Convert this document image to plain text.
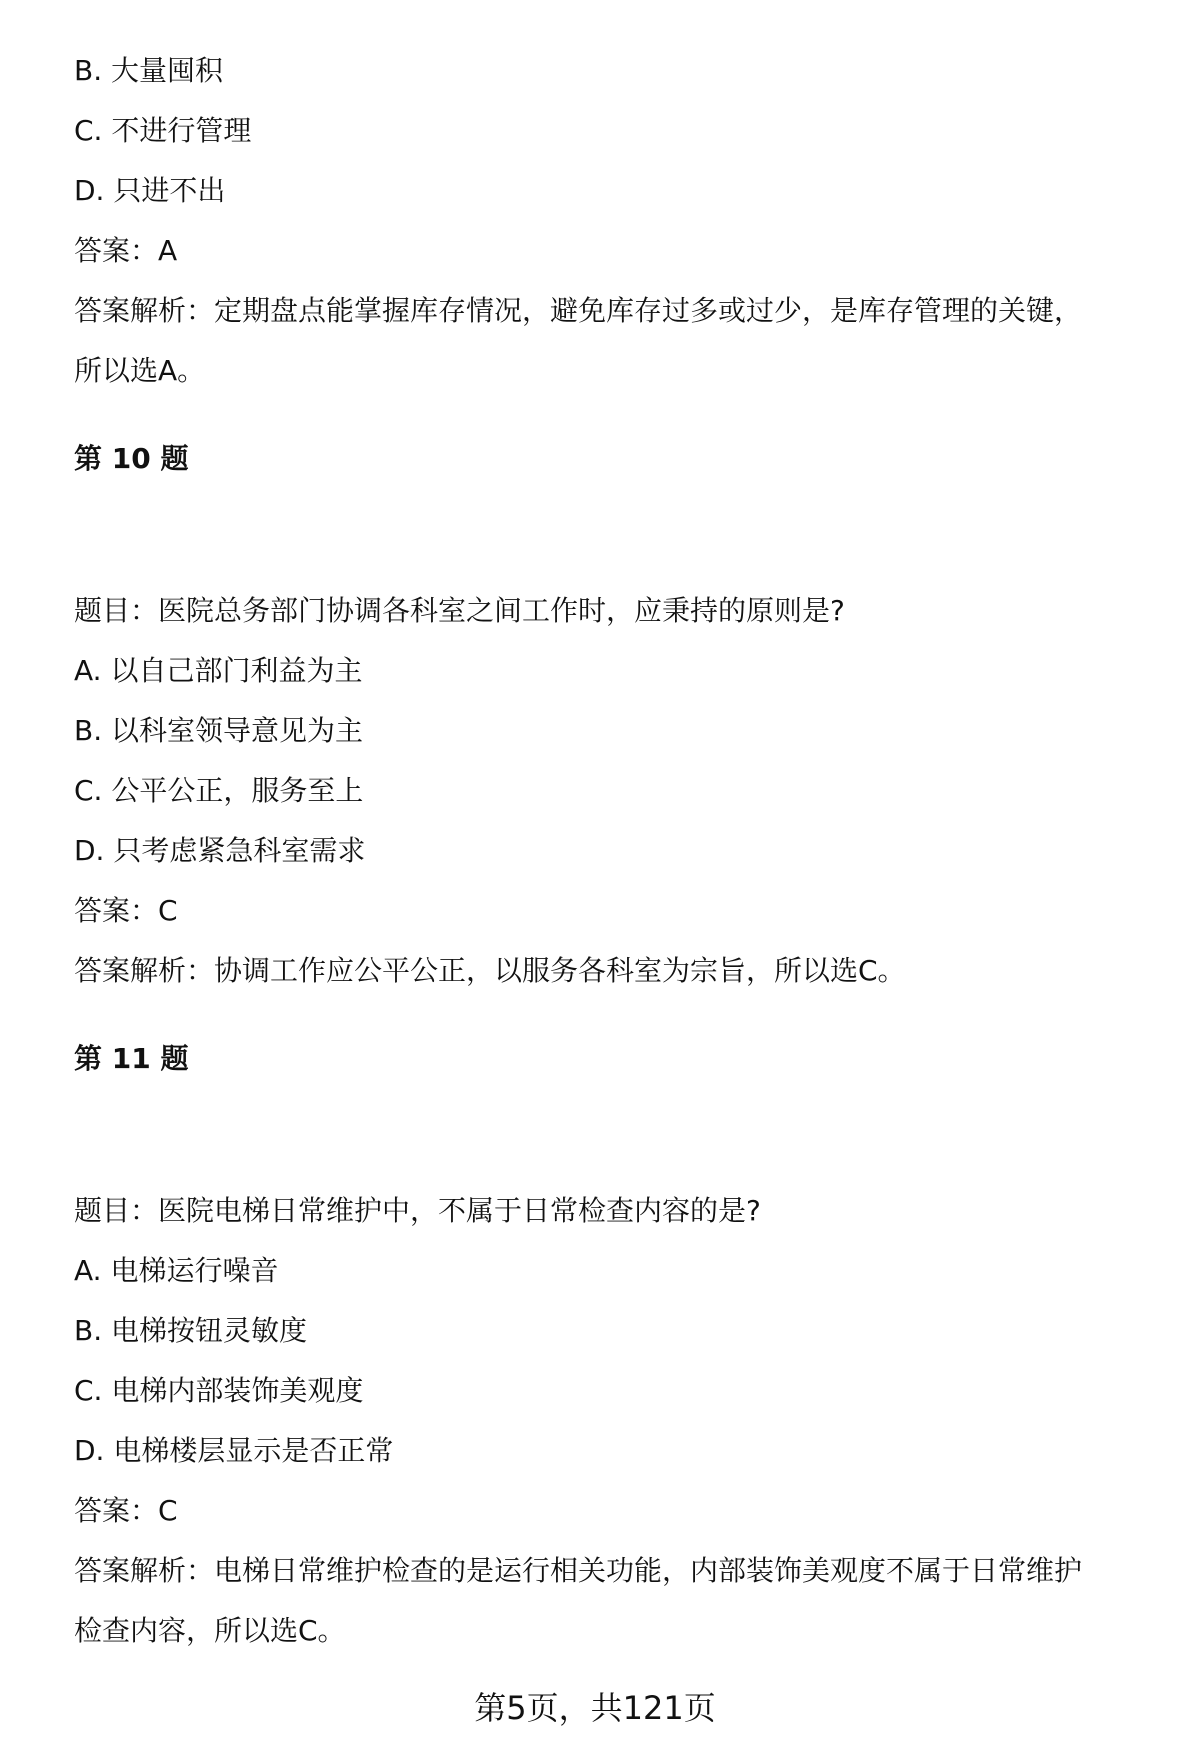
B. 大量囤积
C. 不进行管理
D. 只进不出
答案：A
答案解析：定期盘点能掌握库存情况，避免库存过多或过少，是库存管理的关键，
所以选A。
第 10 题
题目：医院总务部门协调各科室之间工作时，应秉持的原则是?
A. 以自己部门利益为主
B. 以科室领导意见为主
C. 公平公正，服务至上
D. 只考虑紧急科室需求
答案：C
答案解析：协调工作应公平公正，以服务各科室为宗旨，所以选C。
第 11 题
题目：医院电梯日常维护中，不属于日常检查内容的是?
A. 电梯运行噪音
B. 电梯按钮灵敏度
C. 电梯内部装饰美观度
D. 电梯楼层显示是否正常
答案：C
答案解析：电梯日常维护检查的是运行相关功能，内部装饰美观度不属于日常维护
检查内容，所以选C。
第5页，共121页
